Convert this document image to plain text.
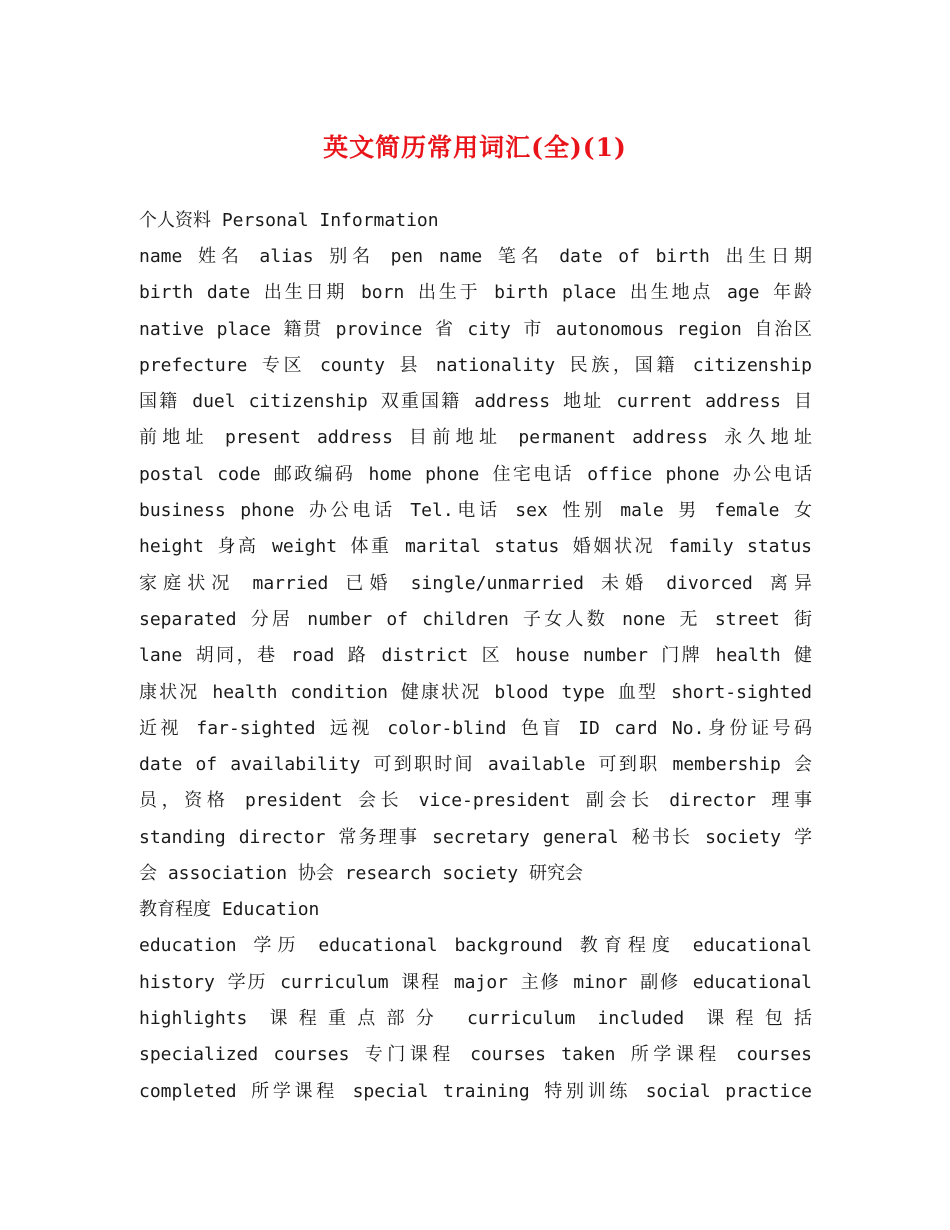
英文简历常用词汇(全)(1)
个人资料 Personal Information
name 姓名 alias 别名 pen name 笔名 date of birth 出生日期
birth date 出生日期 born 出生于 birth place 出生地点 age 年龄
native place 籍贯 province 省 city 市 autonomous region 自治区
prefecture 专区 county 县 nationality 民族，国籍 citizenship
国籍 duel citizenship 双重国籍 address 地址 current address 目
前地址 present address 目前地址 permanent address 永久地址
postal code 邮政编码 home phone 住宅电话 office phone 办公电话
business phone 办公电话 Tel.电话 sex 性别 male 男 female 女
height 身高 weight 体重 marital status 婚姻状况 family status
家庭状况 married 已婚 single/unmarried 未婚 divorced 离异
separated 分居 number of children 子女人数 none 无 street 街
lane 胡同，巷 road 路 district 区 house number 门牌 health 健
康状况 health condition 健康状况 blood type 血型 short-sighted
近视 far-sighted 远视 color-blind 色盲 ID card No.身份证号码
date of availability 可到职时间 available 可到职 membership 会
员，资格 president 会长 vice-president 副会长 director 理事
standing director 常务理事 secretary general 秘书长 society 学
会 association 协会 research society 研究会
教育程度 Education
education 学历 educational background 教育程度 educational
history 学历 curriculum 课程 major 主修 minor 副修 educational
highlights 课程重点部分 curriculum included 课程包括
specialized courses 专门课程 courses taken 所学课程 courses
completed 所学课程 special training 特别训练 social practice
